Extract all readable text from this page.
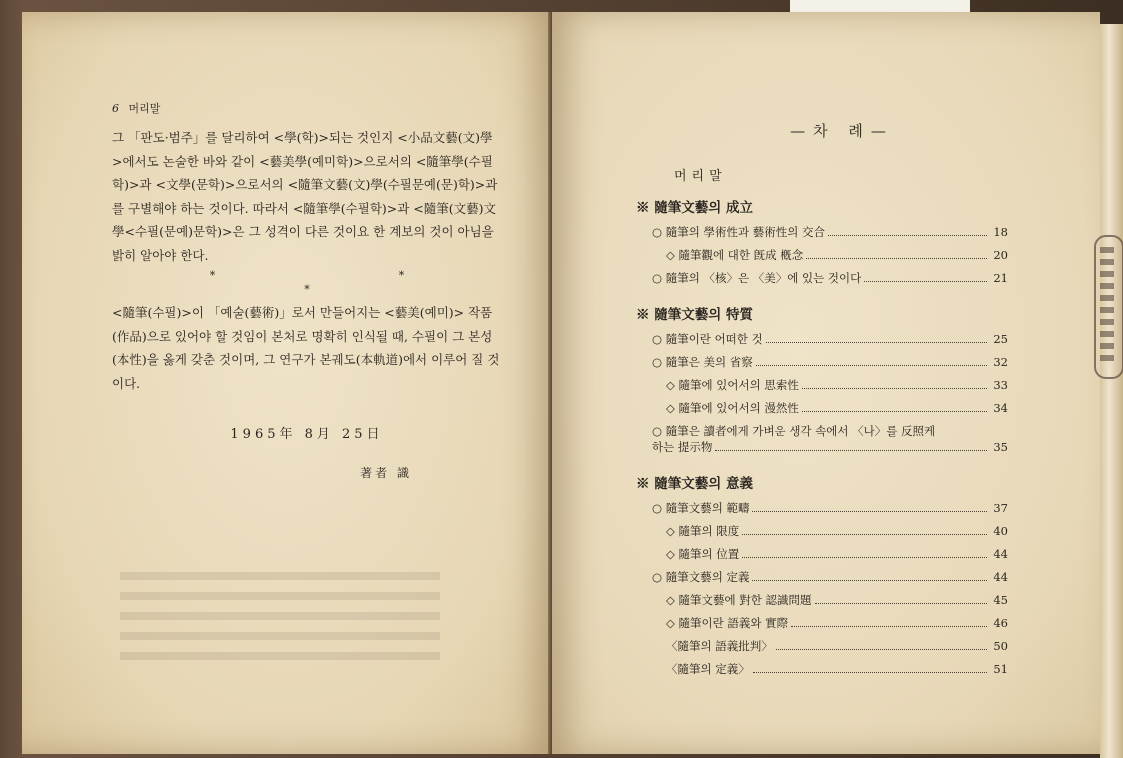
6 머리말

그 「판도·범주」를 달리하여 <學(학)>되는 것인지 <小品文藝(文)學>에서도 논술한 바와 같이 <藝美學(예미학)>으로서의 <隨筆學(수필학)>과 <文學(문학)>으로서의 <隨筆文藝(文)學(수필문예(문)학)>과를 구별해야 하는 것이다. 따라서 <隨筆學(수필학)>과 <隨筆(文藝)文學<수필(문예)문학)>은 그 성격이 다른 것이요 한 계보의 것이 아님을 밝히 알아야 한다.

* * *

<隨筆(수필)>이 「예술(藝術)」로서 만들어지는 <藝美(예미)> 작품(作品)으로 있어야 할 것임이 본처로 명확히 인식될 때, 수필이 그 본성(本性)을 옳게 갖춘 것이며, 그 연구가 본궤도(本軌道)에서 이루어 질 것이다.

1965年 8月 25日
著者 識
—차 례—
머리말
※ 隨筆文藝의 成立
○ 隨筆의 學術性과 藝術性의 交合	18
◇ 隨筆觀에 대한 旣成 槪念	20
○ 隨筆의 〈核〉은 〈美〉에 있는 것이다	21
※ 隨筆文藝의 特質
○ 隨筆이란 어떠한 것	25
○ 隨筆은 美의 省察	32
◇ 隨筆에 있어서의 思索性	33
◇ 隨筆에 있어서의 漫然性	34
○ 隨筆은 讀者에게 가벼운 생각 속에서 〈나〉를 反照케
하는 提示物	35
※ 隨筆文藝의 意義
○ 隨筆文藝의 範疇	37
◇ 隨筆의 限度	40
◇ 隨筆의 位置	44
○ 隨筆文藝의 定義	44
◇ 隨筆文藝에 對한 認識問題	45
◇ 隨筆이란 語義와 實際	46
〈隨筆의 語義批判〉	50
〈隨筆의 定義〉	51
